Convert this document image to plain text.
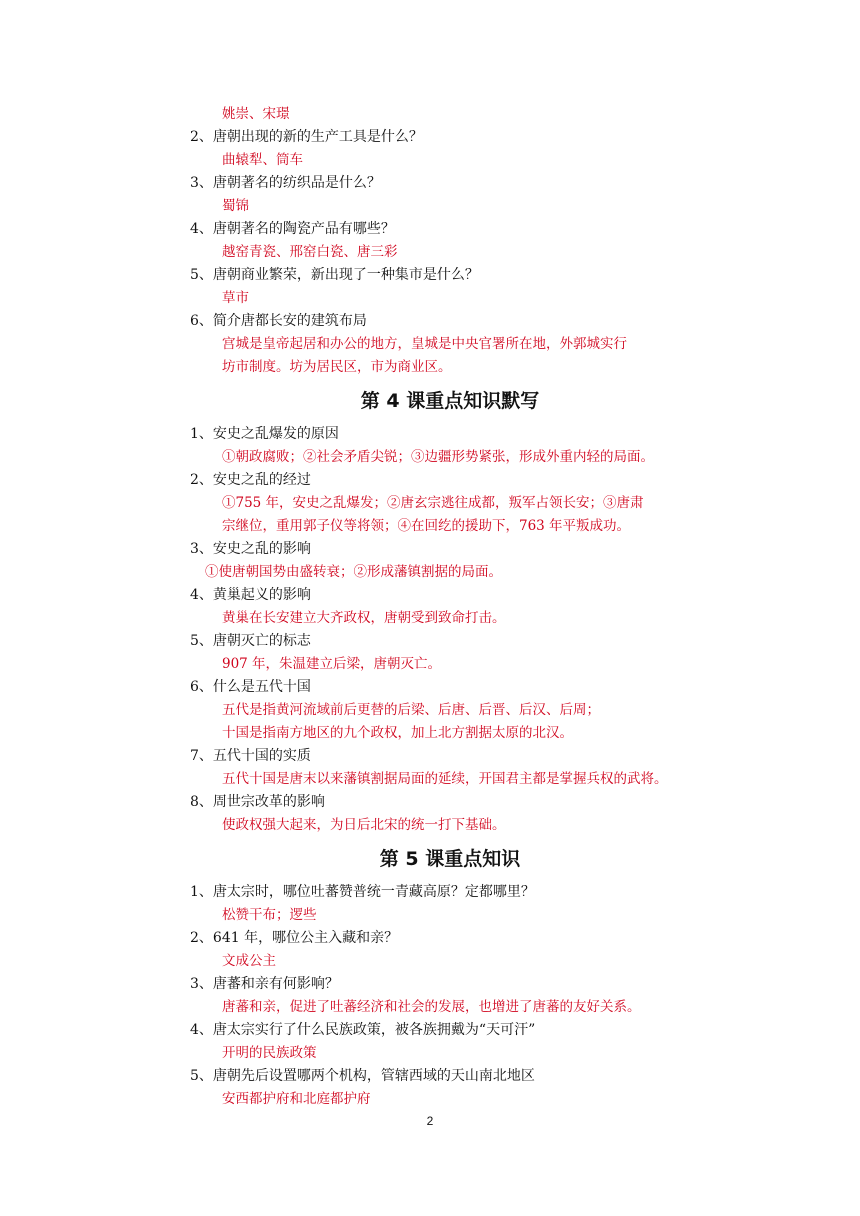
姚崇、宋璟
2、唐朝出现的新的生产工具是什么？
曲辕犁、筒车
3、唐朝著名的纺织品是什么？
蜀锦
4、唐朝著名的陶瓷产品有哪些？
越窑青瓷、邢窑白瓷、唐三彩
5、唐朝商业繁荣，新出现了一种集市是什么？
草市
6、简介唐都长安的建筑布局
宫城是皇帝起居和办公的地方，皇城是中央官署所在地，外郭城实行
坊市制度。坊为居民区，市为商业区。
第 4 课重点知识默写
1、安史之乱爆发的原因
①朝政腐败；②社会矛盾尖锐；③边疆形势紧张，形成外重内轻的局面。
2、安史之乱的经过
①755 年，安史之乱爆发；②唐玄宗逃往成都，叛军占领长安；③唐肃
宗继位，重用郭子仪等将领；④在回纥的援助下，763 年平叛成功。
3、安史之乱的影响
①使唐朝国势由盛转衰；②形成藩镇割据的局面。
4、黄巢起义的影响
黄巢在长安建立大齐政权，唐朝受到致命打击。
5、唐朝灭亡的标志
907 年，朱温建立后梁，唐朝灭亡。
6、什么是五代十国
五代是指黄河流域前后更替的后梁、后唐、后晋、后汉、后周；
十国是指南方地区的九个政权，加上北方割据太原的北汉。
7、五代十国的实质
五代十国是唐末以来藩镇割据局面的延续，开国君主都是掌握兵权的武将。
8、周世宗改革的影响
使政权强大起来，为日后北宋的统一打下基础。
第 5 课重点知识
1、唐太宗时，哪位吐蕃赞普统一青藏高原？定都哪里？
松赞干布；逻些
2、641 年，哪位公主入藏和亲？
文成公主
3、唐蕃和亲有何影响？
唐蕃和亲，促进了吐蕃经济和社会的发展，也增进了唐蕃的友好关系。
4、唐太宗实行了什么民族政策，被各族拥戴为“天可汗”
开明的民族政策
5、唐朝先后设置哪两个机构，管辖西域的天山南北地区
安西都护府和北庭都护府
2
